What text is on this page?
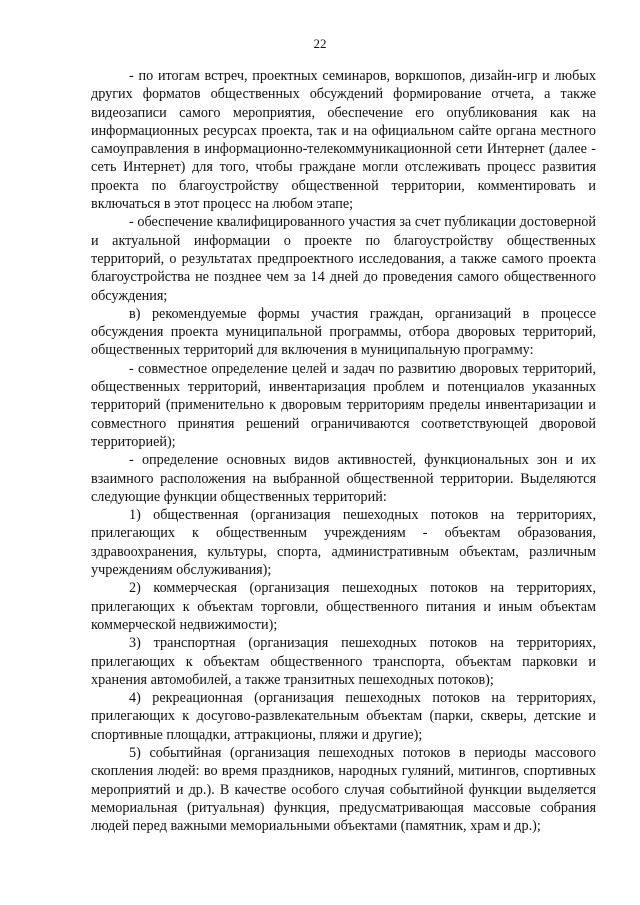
22

- по итогам встреч, проектных семинаров, воркшопов, дизайн-игр и любых других форматов общественных обсуждений формирование отчета, а также видеозаписи самого мероприятия, обеспечение его опубликования как на информационных ресурсах проекта, так и на официальном сайте органа местного самоуправления в информационно-телекоммуникационной сети Интернет (далее - сеть Интернет) для того, чтобы граждане могли отслеживать процесс развития проекта по благоустройству общественной территории, комментировать и включаться в этот процесс на любом этапе;

- обеспечение квалифицированного участия за счет публикации достоверной и актуальной информации о проекте по благоустройству общественных территорий, о результатах предпроектного исследования, а также самого проекта благоустройства не позднее чем за 14 дней до проведения самого общественного обсуждения;

в) рекомендуемые формы участия граждан, организаций в процессе обсуждения проекта муниципальной программы, отбора дворовых территорий, общественных территорий для включения в муниципальную программу:

- совместное определение целей и задач по развитию дворовых территорий, общественных территорий, инвентаризация проблем и потенциалов указанных территорий (применительно к дворовым территориям пределы инвентаризации и совместного принятия решений ограничиваются соответствующей дворовой территорией);

- определение основных видов активностей, функциональных зон и их взаимного расположения на выбранной общественной территории. Выделяются следующие функции общественных территорий:

1) общественная (организация пешеходных потоков на территориях, прилегающих к общественным учреждениям - объектам образования, здравоохранения, культуры, спорта, административным объектам, различным учреждениям обслуживания);

2) коммерческая (организация пешеходных потоков на территориях, прилегающих к объектам торговли, общественного питания и иным объектам коммерческой недвижимости);

3) транспортная (организация пешеходных потоков на территориях, прилегающих к объектам общественного транспорта, объектам парковки и хранения автомобилей, а также транзитных пешеходных потоков);

4) рекреационная (организация пешеходных потоков на территориях, прилегающих к досугово-развлекательным объектам (парки, скверы, детские и спортивные площадки, аттракционы, пляжи и другие);

5) событийная (организация пешеходных потоков в периоды массового скопления людей: во время праздников, народных гуляний, митингов, спортивных мероприятий и др.). В качестве особого случая событийной функции выделяется мемориальная (ритуальная) функция, предусматривающая массовые собрания людей перед важными мемориальными объектами (памятник, храм и др.);
